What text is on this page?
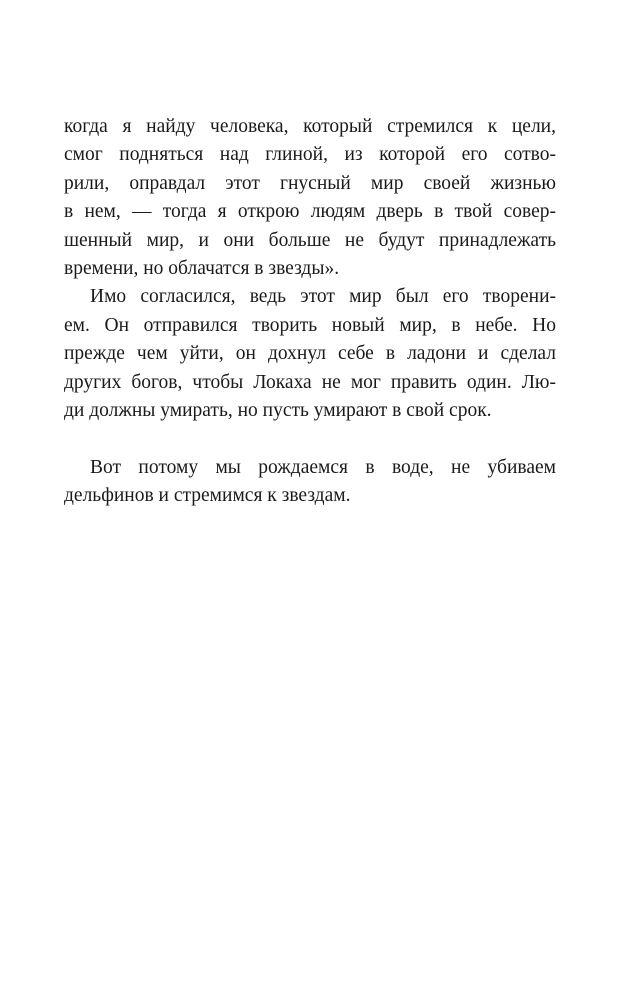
когда я найду человека, который стремился к цели,
смог подняться над глиной, из которой его сотво-
рили, оправдал этот гнусный мир своей жизнью
в нем, — тогда я открою людям дверь в твой совер-
шенный мир, и они больше не будут принадлежать
времени, но облачатся в звезды».
Имо согласился, ведь этот мир был его творени-
ем. Он отправился творить новый мир, в небе. Но
прежде чем уйти, он дохнул себе в ладони и сделал
других богов, чтобы Локаха не мог править один. Лю-
ди должны умирать, но пусть умирают в свой срок.
Вот потому мы рождаемся в воде, не убиваем
дельфинов и стремимся к звездам.
